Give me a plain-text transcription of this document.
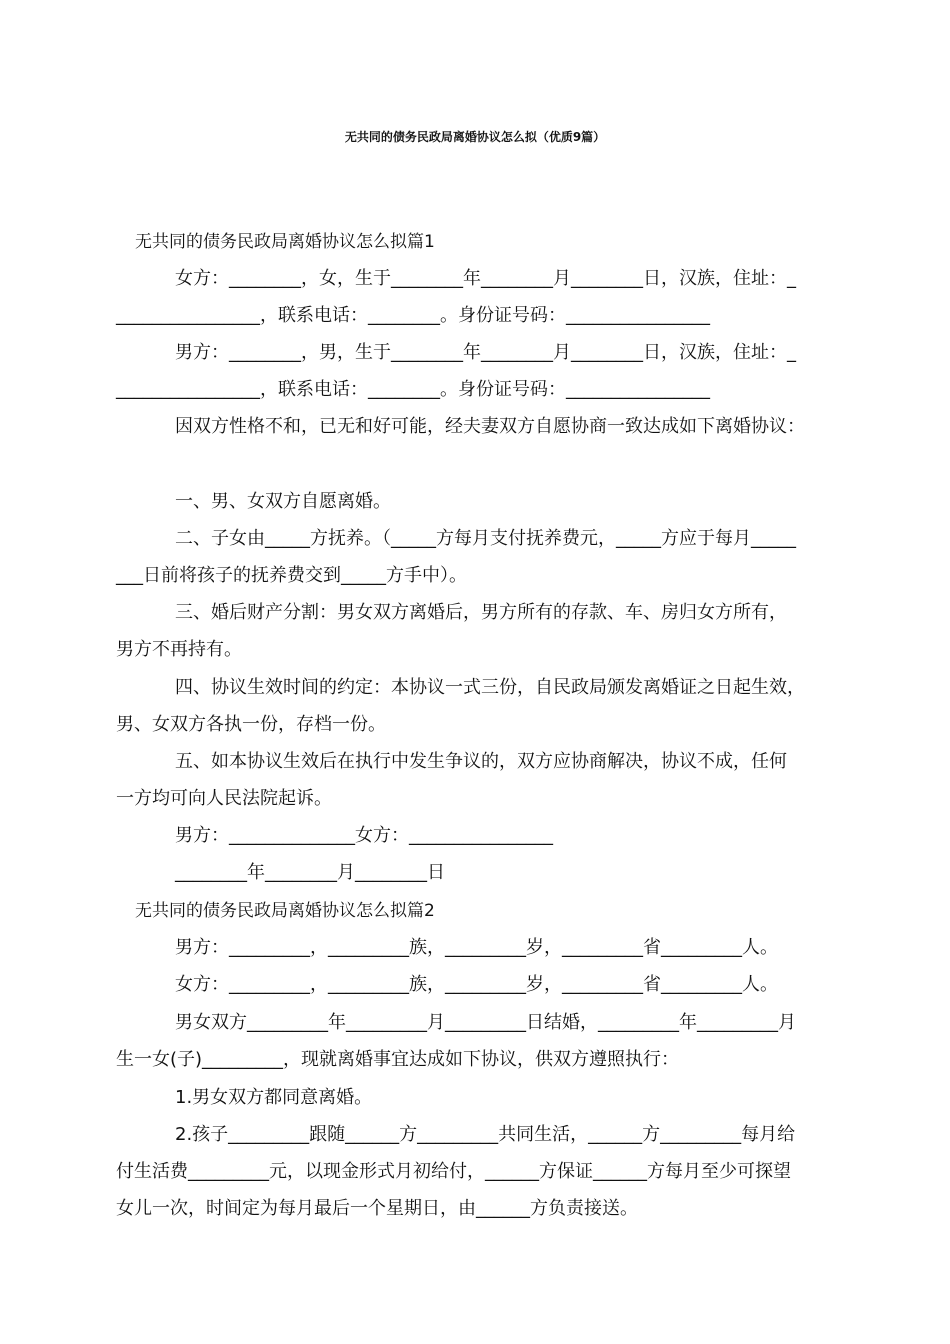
无共同的债务民政局离婚协议怎么拟（优质9篇）
无共同的债务民政局离婚协议怎么拟篇1
女方：________，女，生于________年________月________日，汉族，住址：_
________________，联系电话：________。身份证号码：________________
男方：________，男，生于________年________月________日，汉族，住址：_
________________，联系电话：________。身份证号码：________________
因双方性格不和，已无和好可能，经夫妻双方自愿协商一致达成如下离婚协议：
一、男、女双方自愿离婚。
二、子女由_____方抚养。（_____方每月支付抚养费元，_____方应于每月_____
___日前将孩子的抚养费交到_____方手中）。
三、婚后财产分割：男女双方离婚后，男方所有的存款、车、房归女方所有，
男方不再持有。
四、协议生效时间的约定：本协议一式三份，自民政局颁发离婚证之日起生效，
男、女双方各执一份，存档一份。
五、如本协议生效后在执行中发生争议的，双方应协商解决，协议不成，任何
一方均可向人民法院起诉。
男方：______________女方：________________
________年________月________日
无共同的债务民政局离婚协议怎么拟篇2
男方：_________，_________族，_________岁，_________省_________人。
女方：_________，_________族，_________岁，_________省_________人。
男女双方_________年_________月_________日结婚，_________年_________月
生一女(子)_________，现就离婚事宜达成如下协议，供双方遵照执行：
1.男女双方都同意离婚。
2.孩子_________跟随______方_________共同生活，______方_________每月给
付生活费_________元，以现金形式月初给付，______方保证______方每月至少可探望
女儿一次，时间定为每月最后一个星期日，由______方负责接送。
